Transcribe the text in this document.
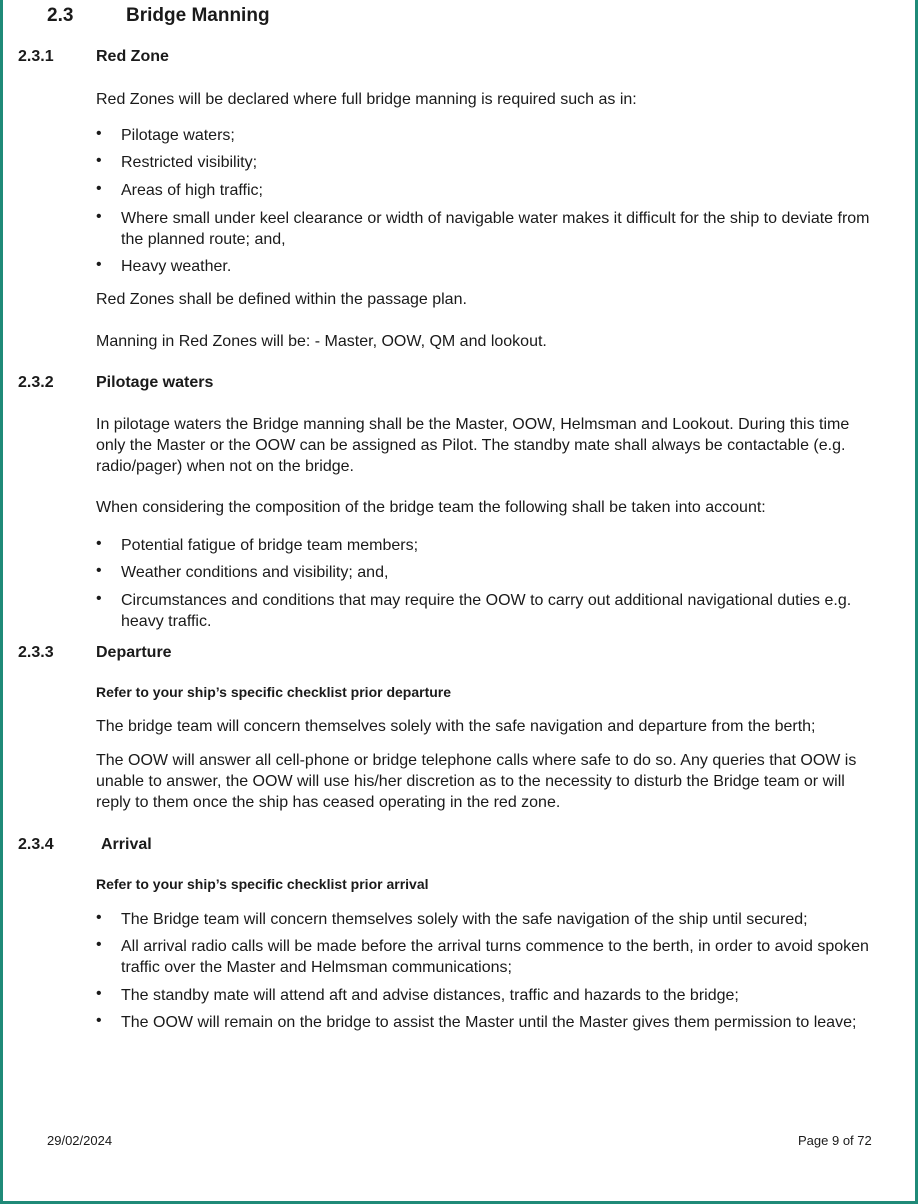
2.3	Bridge Manning
2.3.1	Red Zone
Red Zones will be declared where full bridge manning is required such as in:
• Pilotage waters;
• Restricted visibility;
• Areas of high traffic;
• Where small under keel clearance or width of navigable water makes it difficult for the ship to deviate from the planned route; and,
• Heavy weather.
Red Zones shall be defined within the passage plan.
Manning in Red Zones will be: - Master, OOW, QM and lookout.
2.3.2	Pilotage waters
In pilotage waters the Bridge manning shall be the Master, OOW, Helmsman and Lookout. During this time only the Master or the OOW can be assigned as Pilot. The standby mate shall always be contactable (e.g. radio/pager) when not on the bridge.
When considering the composition of the bridge team the following shall be taken into account:
• Potential fatigue of bridge team members;
• Weather conditions and visibility; and,
• Circumstances and conditions that may require the OOW to carry out additional navigational duties e.g. heavy traffic.
2.3.3	Departure
Refer to your ship’s specific checklist prior departure
The bridge team will concern themselves solely with the safe navigation and departure from the berth;
The OOW will answer all cell-phone or bridge telephone calls where safe to do so. Any queries that OOW is unable to answer, the OOW will use his/her discretion as to the necessity to disturb the Bridge team or will reply to them once the ship has ceased operating in the red zone.
2.3.4	Arrival
Refer to your ship’s specific checklist prior arrival
• The Bridge team will concern themselves solely with the safe navigation of the ship until secured;
• All arrival radio calls will be made before the arrival turns commence to the berth, in order to avoid spoken traffic over the Master and Helmsman communications;
• The standby mate will attend aft and advise distances, traffic and hazards to the bridge;
• The OOW will remain on the bridge to assist the Master until the Master gives them permission to leave;
29/02/2024	Page 9 of 72
